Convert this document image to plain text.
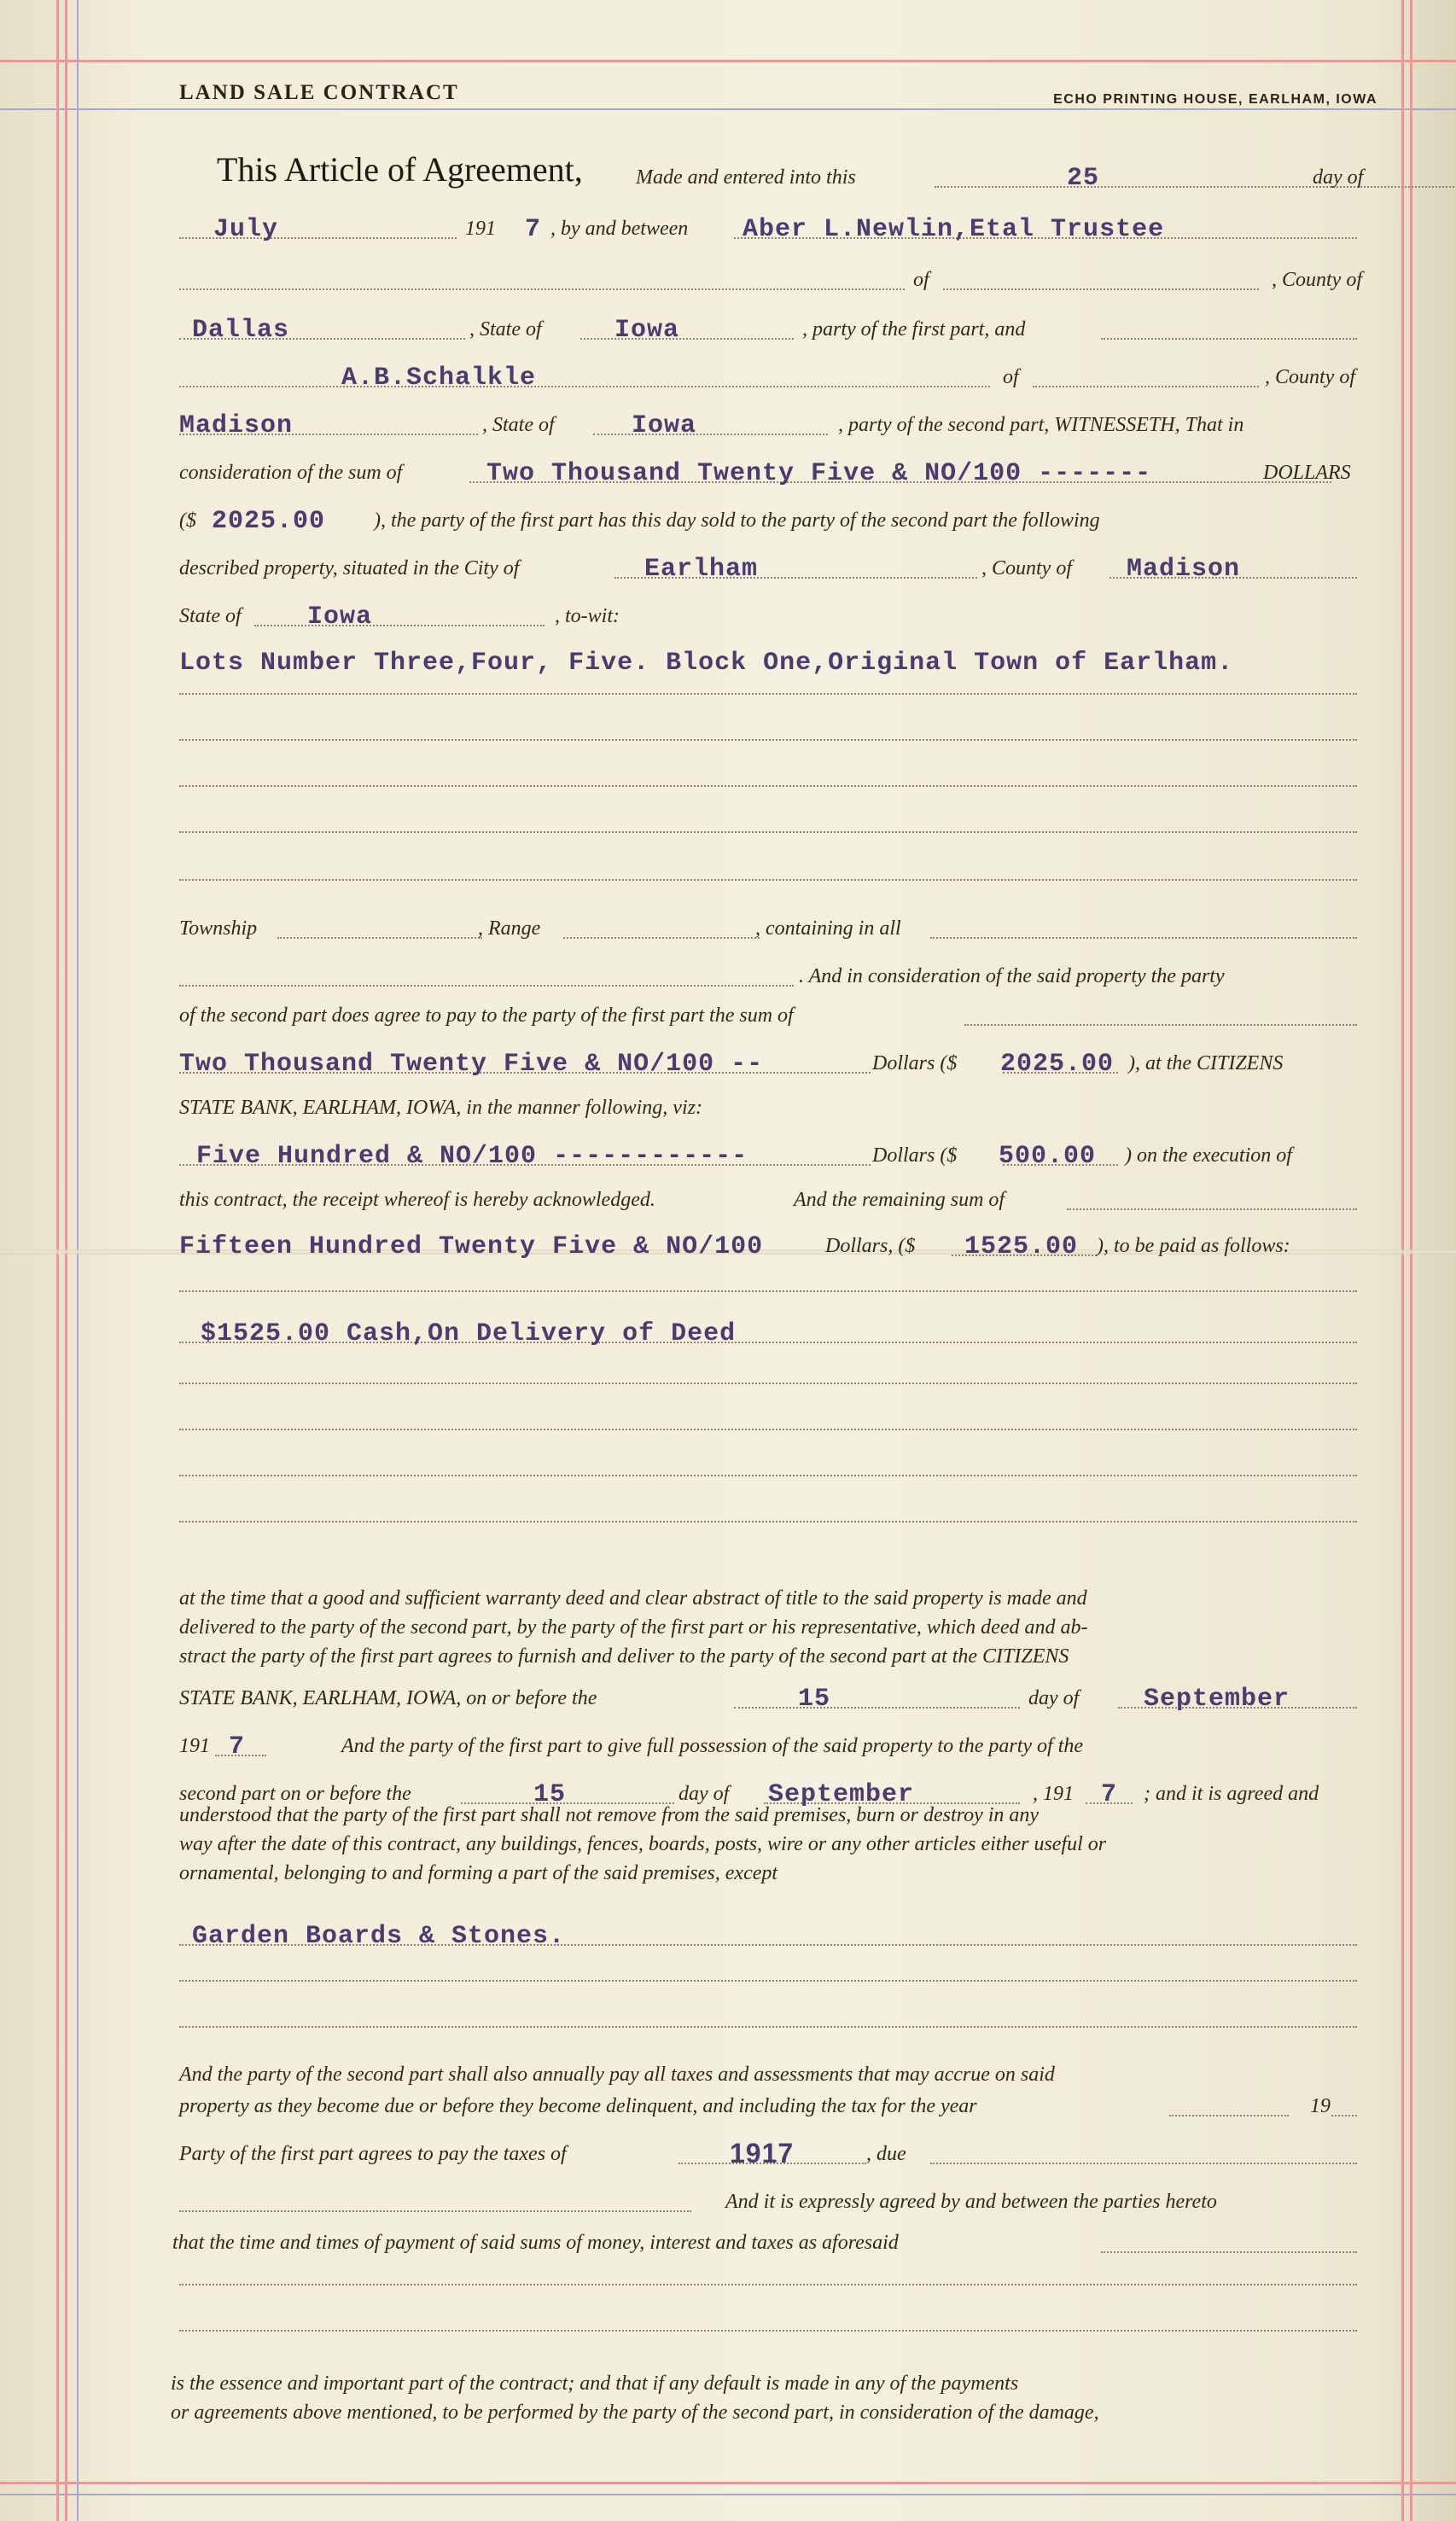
LAND SALE CONTRACT	ECHO PRINTING HOUSE, EARLHAM, IOWA
This Article of Agreement,	Made and entered into this	25	day of
July	191 7 , by and between Aber L.Newlin,Etal Trustee
of	, County of
Dallas	, State of	Iowa	, party of the first part, and
A.B.Schalkle	of	, County of
Madison	, State of	Iowa	, party of the second part, WITNESSETH, That in
consideration of the sum of	Two Thousand Twenty Five & NO/100 -------	DOLLARS
($ 2025.00 ), the party of the first part has this day sold to the party of the second part the following
described property, situated in the City of	Earlham	, County of Madison
State of	Iowa	, to-wit:
Lots Number Three,Four, Five. Block One,Original Town of Earlham.
Township	, Range	, containing in all
. And in consideration of the said property the party
of the second part does agree to pay to the party of the first part the sum of
Two Thousand Twenty Five & NO/100 --	Dollars ($ 2025.00 ), at the CITIZENS
STATE BANK, EARLHAM, IOWA, in the manner following, viz:
Five Hundred & NO/100 ------------	Dollars ($ 500.00 ) on the execution of
this contract, the receipt whereof is hereby acknowledged.	And the remaining sum of
Fifteen Hundred Twenty Five & NO/100	Dollars, ($ 1525.00 ), to be paid as follows:
$1525.00 Cash,On Delivery of Deed
at the time that a good and sufficient warranty deed and clear abstract of title to the said property is made and
delivered to the party of the second part, by the party of the first part or his representative, which deed and ab-
stract the party of the first part agrees to furnish and deliver to the party of the second part at the CITIZENS
STATE BANK, EARLHAM, IOWA, on or before the	15	day of	September
191 7	And the party of the first part to give full possession of the said property to the party of the
second part on or before the	15	day of September	, 191 7 ; and it is agreed and
understood that the party of the first part shall not remove from the said premises, burn or destroy in any
way after the date of this contract, any buildings, fences, boards, posts, wire or any other articles either useful or
ornamental, belonging to and forming a part of the said premises, except
Garden Boards & Stones.
And the party of the second part shall also annually pay all taxes and assessments that may accrue on said
property as they become due or before they become delinquent, and including the tax for the year	19
Party of the first part agrees to pay the taxes of	1917	, due
And it is expressly agreed by and between the parties hereto
that the time and times of payment of said sums of money, interest and taxes as aforesaid
is the essence and important part of the contract; and that if any default is made in any of the payments
or agreements above mentioned, to be performed by the party of the second part, in consideration of the damage,
